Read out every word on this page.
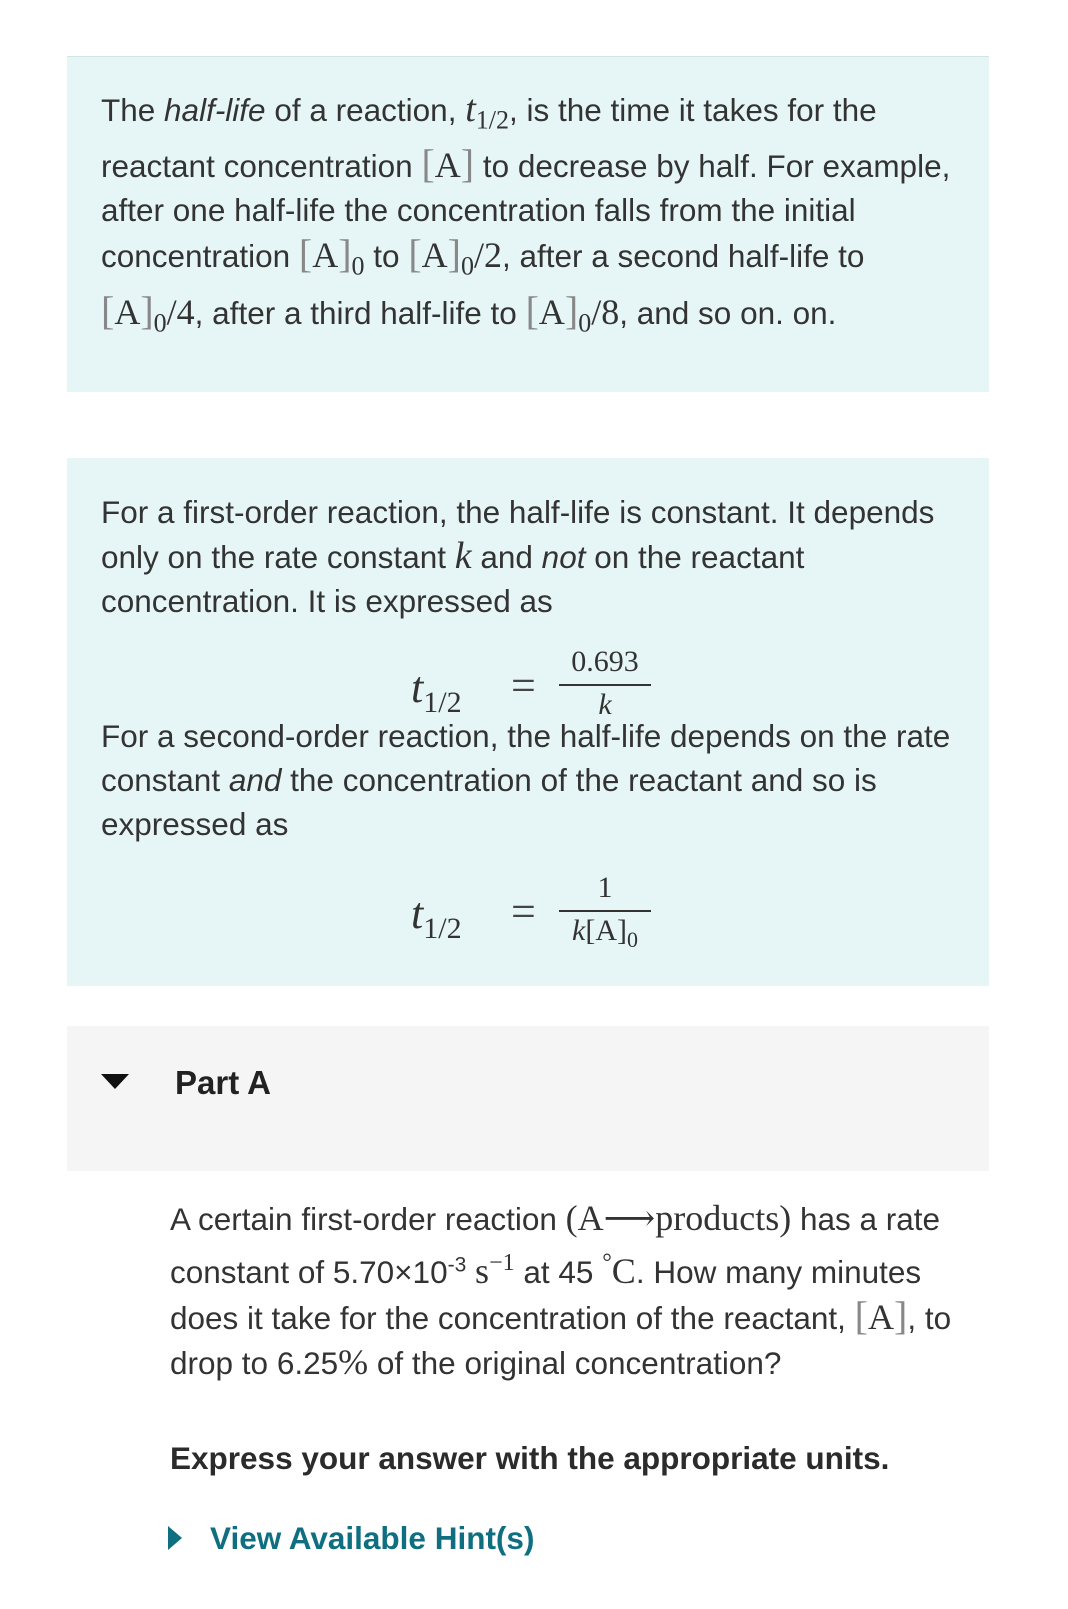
The half-life of a reaction, $t_{1/2}$, is the time it takes for the reactant concentration [A] to decrease by half. For example, after one half-life the concentration falls from the initial concentration $[A]_0$ to $[A]_0/2$, after a second half-life to $[A]_0/4$, after a third half-life to $[A]_0/8$, and so on. on.

For a first-order reaction, the half-life is constant. It depends only on the rate constant k and not on the reactant concentration. It is expressed as

$t_{1/2}$ =	0.693
k

For a second-order reaction, the half-life depends on the rate constant and the concentration of the reactant and so is expressed as

$t_{1/2}$ =	1
$k[A]_0$
Part A

A certain first-order reaction (A⟶products) has a rate constant of $5.70\times 10^{-3}$ $s^{-1}$ at 45 °C. How many minutes does it take for the concentration of the reactant, [A], to drop to 6.25% of the original concentration?

Express your answer with the appropriate units.

View Available Hint(s)
